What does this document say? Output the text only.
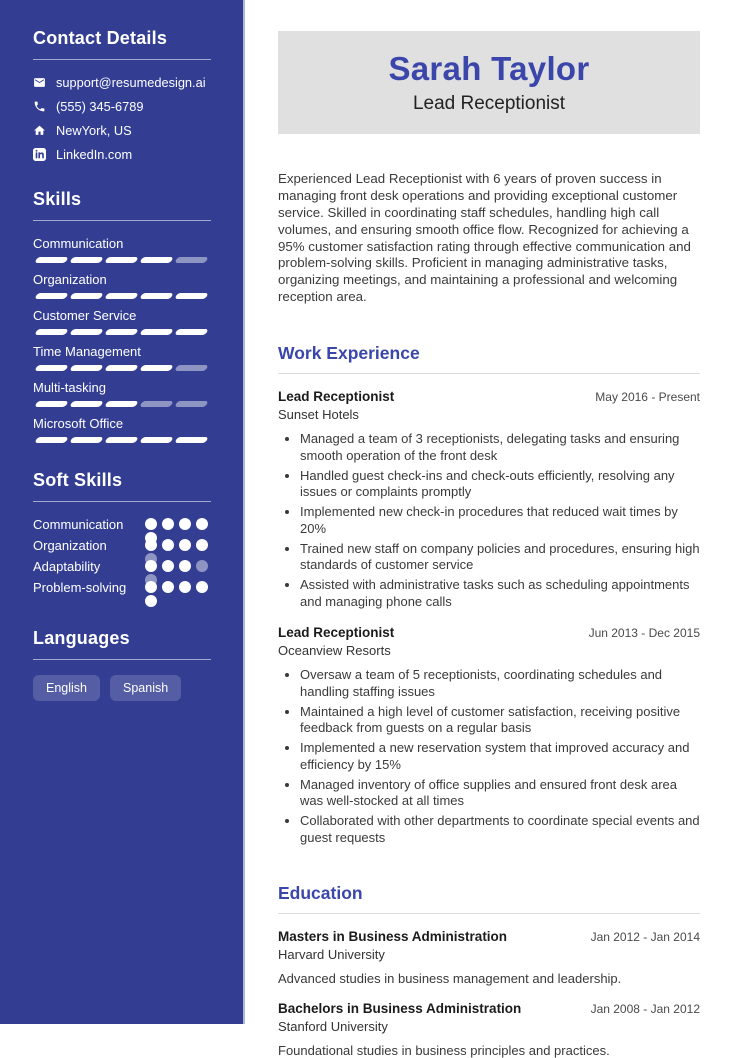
Contact Details
support@resumedesign.ai
(555) 345-6789
NewYork, US
LinkedIn.com
Skills
Communication
Organization
Customer Service
Time Management
Multi-tasking
Microsoft Office
Soft Skills
Communication
Organization
Adaptability
Problem-solving
Languages
English	Spanish
Sarah Taylor
Lead Receptionist

Experienced Lead Receptionist with 6 years of proven success in managing front desk operations and providing exceptional customer service. Skilled in coordinating staff schedules, handling high call volumes, and ensuring smooth office flow. Recognized for achieving a 95% customer satisfaction rating through effective communication and problem-solving skills. Proficient in managing administrative tasks, organizing meetings, and maintaining a professional and welcoming reception area.

Work Experience
Lead Receptionist	May 2016 - Present
Sunset Hotels
• Managed a team of 3 receptionists, delegating tasks and ensuring smooth operation of the front desk
• Handled guest check-ins and check-outs efficiently, resolving any issues or complaints promptly
• Implemented new check-in procedures that reduced wait times by 20%
• Trained new staff on company policies and procedures, ensuring high standards of customer service
• Assisted with administrative tasks such as scheduling appointments and managing phone calls
Lead Receptionist	Jun 2013 - Dec 2015
Oceanview Resorts
• Oversaw a team of 5 receptionists, coordinating schedules and handling staffing issues
• Maintained a high level of customer satisfaction, receiving positive feedback from guests on a regular basis
• Implemented a new reservation system that improved accuracy and efficiency by 15%
• Managed inventory of office supplies and ensured front desk area was well-stocked at all times
• Collaborated with other departments to coordinate special events and guest requests
Education
Masters in Business Administration	Jan 2012 - Jan 2014
Harvard University
Advanced studies in business management and leadership.
Bachelors in Business Administration	Jan 2008 - Jan 2012
Stanford University
Foundational studies in business principles and practices.
